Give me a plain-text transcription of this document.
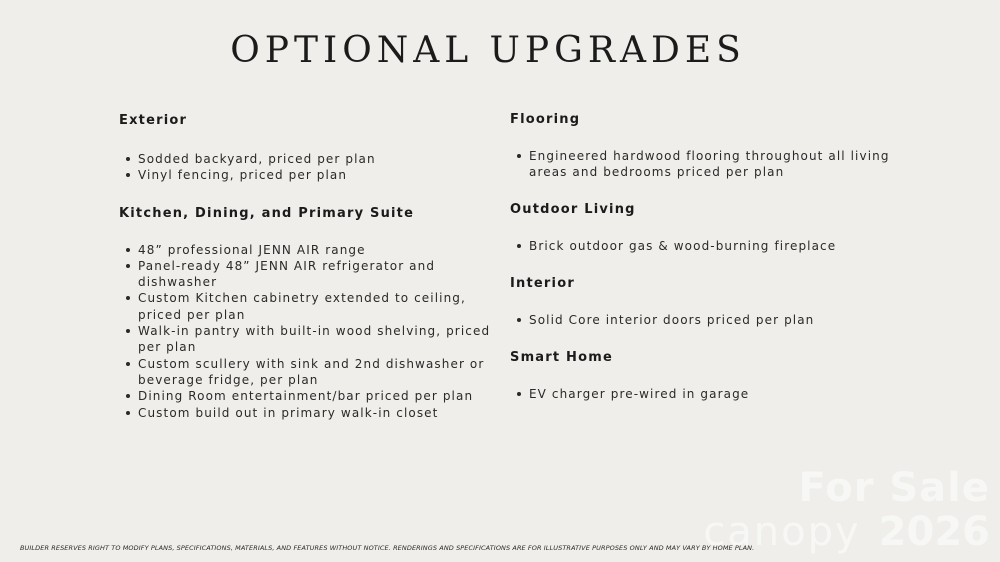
OPTIONAL UPGRADES
Exterior
Sodded backyard, priced per plan
Vinyl fencing, priced per plan
Kitchen, Dining, and Primary Suite
48” professional JENN AIR range
Panel-ready 48” JENN AIR refrigerator and dishwasher
Custom Kitchen cabinetry extended to ceiling, priced per plan
Walk-in pantry with built-in wood shelving, priced per plan
Custom scullery with sink and 2nd dishwasher or beverage fridge, per plan
Dining Room entertainment/bar priced per plan
Custom build out in primary walk-in closet
Flooring
Engineered hardwood flooring throughout all living areas and bedrooms priced per plan
Outdoor Living
Brick outdoor gas & wood-burning fireplace
Interior
Solid Core interior doors priced per plan
Smart Home
EV charger pre-wired in garage
For Sale
canopy 2026
BUILDER RESERVES RIGHT TO MODIFY PLANS, SPECIFICATIONS, MATERIALS, AND FEATURES WITHOUT NOTICE. RENDERINGS AND SPECIFICATIONS ARE FOR ILLUSTRATIVE PURPOSES ONLY AND MAY VARY BY HOME PLAN.
